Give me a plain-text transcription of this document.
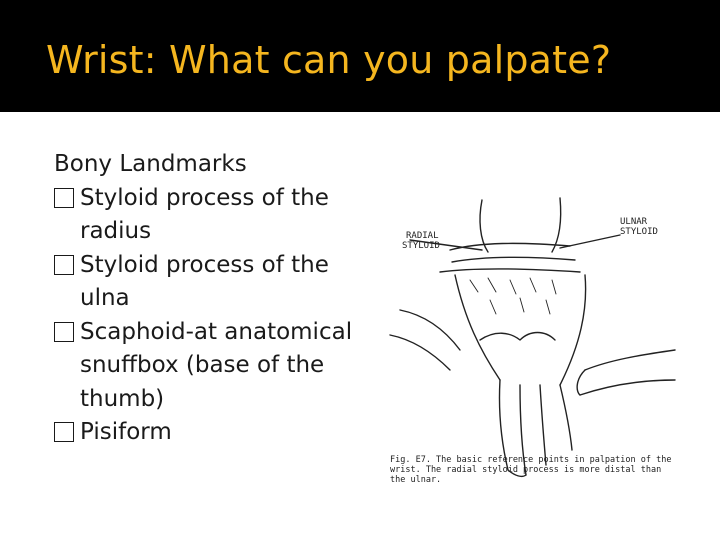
Wrist: What can you palpate?

Bony Landmarks

Styloid process of the radius
Styloid process of the ulna
Scaphoid-at anatomical snuffbox (base of the thumb)
Pisiform
RADIAL
STYLOID
ULNAR
STYLOID
Fig. E7. The basic reference points in palpation of the wrist. The radial styloid process is more distal than the ulnar.
